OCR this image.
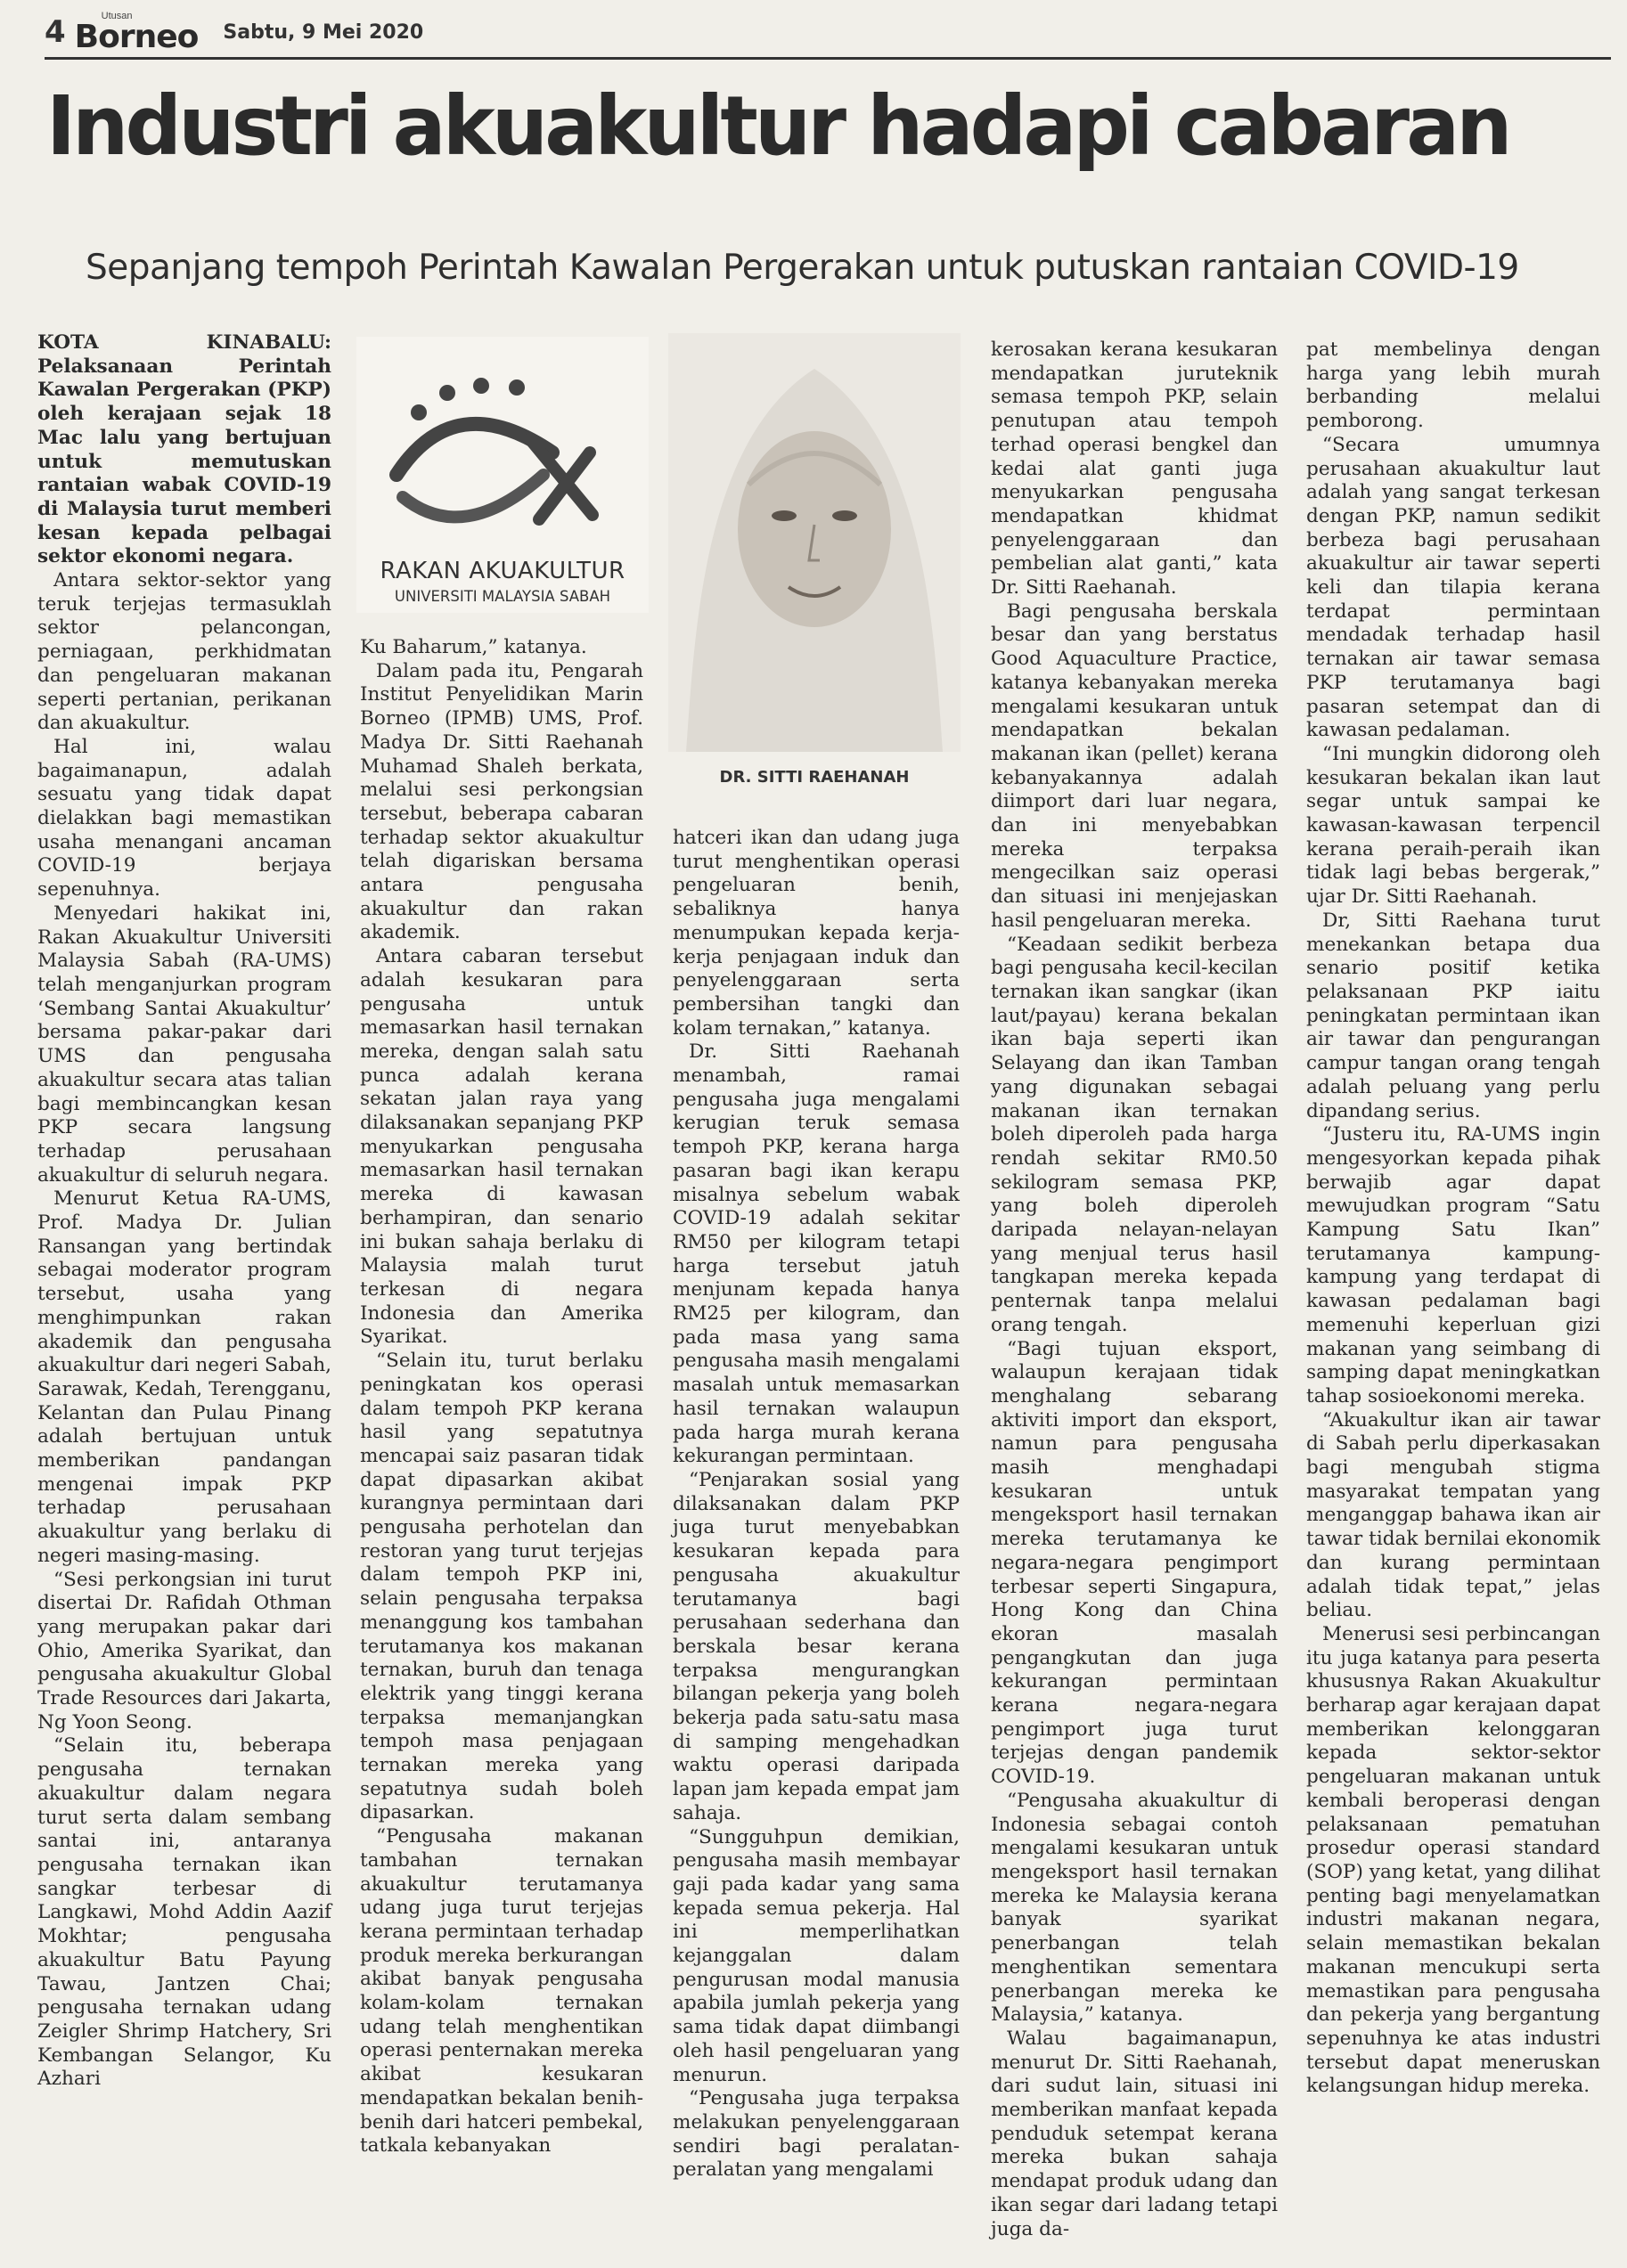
4	Utusan
Borneo Sabtu, 9 Mei 2020
Industri akuakultur hadapi cabaran
Sepanjang tempoh Perintah Kawalan Pergerakan untuk putuskan rantaian COVID-19

KOTA KINABALU: Pelaksanaan Perintah Kawalan Pergerakan (PKP) oleh kerajaan sejak 18 Mac lalu yang bertujuan untuk memutuskan rantaian wabak COVID-19 di Malaysia turut memberi kesan kepada pelbagai sektor ekonomi negara.

Antara sektor-sektor yang teruk terjejas termasuklah sektor pelancongan, perniagaan, perkhidmatan dan pengeluaran makanan seperti pertanian, perikanan dan akuakultur.

Hal ini, walau bagaimanapun, adalah sesuatu yang tidak dapat dielakkan bagi memastikan usaha menangani ancaman COVID-19 berjaya sepenuhnya.

Menyedari hakikat ini, Rakan Akuakultur Universiti Malaysia Sabah (RA-UMS) telah menganjurkan program ‘Sembang Santai Akuakultur’ bersama pakar-pakar dari UMS dan pengusaha akuakultur secara atas talian bagi membincangkan kesan PKP secara langsung terhadap perusahaan akuakultur di seluruh negara.

Menurut Ketua RA-UMS, Prof. Madya Dr. Julian Ransangan yang bertindak sebagai moderator program tersebut, usaha yang menghimpunkan rakan akademik dan pengusaha akuakultur dari negeri Sabah, Sarawak, Kedah, Terengganu, Kelantan dan Pulau Pinang adalah bertujuan untuk memberikan pandangan mengenai impak PKP terhadap perusahaan akuakultur yang berlaku di negeri masing-masing.

“Sesi perkongsian ini turut disertai Dr. Rafidah Othman yang merupakan pakar dari Ohio, Amerika Syarikat, dan pengusaha akuakultur Global Trade Resources dari Jakarta, Ng Yoon Seong.

“Selain itu, beberapa pengusaha ternakan akuakultur dalam negara turut serta dalam sembang santai ini, antaranya pengusaha ternakan ikan sangkar terbesar di Langkawi, Mohd Addin Aazif Mokhtar; pengusaha akuakultur Batu Payung Tawau, Jantzen Chai; pengusaha ternakan udang Zeigler Shrimp Hatchery, Sri Kembangan Selangor, Ku Azhari

RAKAN AKUAKULTUR
UNIVERSITI MALAYSIA SABAH

Ku Baharum,” katanya.

Dalam pada itu, Pengarah Institut Penyelidikan Marin Borneo (IPMB) UMS, Prof. Madya Dr. Sitti Raehanah Muhamad Shaleh berkata, melalui sesi perkongsian tersebut, beberapa cabaran terhadap sektor akuakultur telah digariskan bersama antara pengusaha akuakultur dan rakan akademik.

Antara cabaran tersebut adalah kesukaran para pengusaha untuk memasarkan hasil ternakan mereka, dengan salah satu punca adalah kerana sekatan jalan raya yang dilaksanakan sepanjang PKP menyukarkan pengusaha memasarkan hasil ternakan mereka di kawasan berhampiran, dan senario ini bukan sahaja berlaku di Malaysia malah turut terkesan di negara Indonesia dan Amerika Syarikat.

“Selain itu, turut berlaku peningkatan kos operasi dalam tempoh PKP kerana hasil yang sepatutnya mencapai saiz pasaran tidak dapat dipasarkan akibat kurangnya permintaan dari pengusaha perhotelan dan restoran yang turut terjejas dalam tempoh PKP ini, selain pengusaha terpaksa menanggung kos tambahan terutamanya kos makanan ternakan, buruh dan tenaga elektrik yang tinggi kerana terpaksa memanjangkan tempoh masa penjagaan ternakan mereka yang sepatutnya sudah boleh dipasarkan.

“Pengusaha makanan tambahan ternakan akuakultur terutamanya udang juga turut terjejas kerana permintaan terhadap produk mereka berkurangan akibat banyak pengusaha kolam-kolam ternakan udang telah menghentikan operasi penternakan mereka akibat kesukaran mendapatkan bekalan benih-benih dari hatceri pembekal, tatkala kebanyakan

DR. SITTI RAEHANAH

hatceri ikan dan udang juga turut menghentikan operasi pengeluaran benih, sebaliknya hanya menumpukan kepada kerja-kerja penjagaan induk dan penyelenggaraan serta pembersihan tangki dan kolam ternakan,” katanya.

Dr. Sitti Raehanah menambah, ramai pengusaha juga mengalami kerugian teruk semasa tempoh PKP, kerana harga pasaran bagi ikan kerapu misalnya sebelum wabak COVID-19 adalah sekitar RM50 per kilogram tetapi harga tersebut jatuh menjunam kepada hanya RM25 per kilogram, dan pada masa yang sama pengusaha masih mengalami masalah untuk memasarkan hasil ternakan walaupun pada harga murah kerana kekurangan permintaan.

“Penjarakan sosial yang dilaksanakan dalam PKP juga turut menyebabkan kesukaran kepada para pengusaha akuakultur terutamanya bagi perusahaan sederhana dan berskala besar kerana terpaksa mengurangkan bilangan pekerja yang boleh bekerja pada satu-satu masa di samping mengehadkan waktu operasi daripada lapan jam kepada empat jam sahaja.

“Sungguhpun demikian, pengusaha masih membayar gaji pada kadar yang sama kepada semua pekerja. Hal ini memperlihatkan kejanggalan dalam pengurusan modal manusia apabila jumlah pekerja yang sama tidak dapat diimbangi oleh hasil pengeluaran yang menurun.

“Pengusaha juga terpaksa melakukan penyelenggaraan sendiri bagi peralatan-peralatan yang mengalami

kerosakan kerana kesukaran mendapatkan juruteknik semasa tempoh PKP, selain penutupan atau tempoh terhad operasi bengkel dan kedai alat ganti juga menyukarkan pengusaha mendapatkan khidmat penyelenggaraan dan pembelian alat ganti,” kata Dr. Sitti Raehanah.

Bagi pengusaha berskala besar dan yang berstatus Good Aquaculture Practice, katanya kebanyakan mereka mengalami kesukaran untuk mendapatkan bekalan makanan ikan (pellet) kerana kebanyakannya adalah diimport dari luar negara, dan ini menyebabkan mereka terpaksa mengecilkan saiz operasi dan situasi ini menjejaskan hasil pengeluaran mereka.

“Keadaan sedikit berbeza bagi pengusaha kecil-kecilan ternakan ikan sangkar (ikan laut/payau) kerana bekalan ikan baja seperti ikan Selayang dan ikan Tamban yang digunakan sebagai makanan ikan ternakan boleh diperoleh pada harga rendah sekitar RM0.50 sekilogram semasa PKP, yang boleh diperoleh daripada nelayan-nelayan yang menjual terus hasil tangkapan mereka kepada penternak tanpa melalui orang tengah.

“Bagi tujuan eksport, walaupun kerajaan tidak menghalang sebarang aktiviti import dan eksport, namun para pengusaha masih menghadapi kesukaran untuk mengeksport hasil ternakan mereka terutamanya ke negara-negara pengimport terbesar seperti Singapura, Hong Kong dan China ekoran masalah pengangkutan dan juga kekurangan permintaan kerana negara-negara pengimport juga turut terjejas dengan pandemik COVID-19.

“Pengusaha akuakultur di Indonesia sebagai contoh mengalami kesukaran untuk mengeksport hasil ternakan mereka ke Malaysia kerana banyak syarikat penerbangan telah menghentikan sementara penerbangan mereka ke Malaysia,” katanya.

Walau bagaimanapun, menurut Dr. Sitti Raehanah, dari sudut lain, situasi ini memberikan manfaat kepada penduduk setempat kerana mereka bukan sahaja mendapat produk udang dan ikan segar dari ladang tetapi juga da-

pat membelinya dengan harga yang lebih murah berbanding melalui pemborong.

“Secara umumnya perusahaan akuakultur laut adalah yang sangat terkesan dengan PKP, namun sedikit berbeza bagi perusahaan akuakultur air tawar seperti keli dan tilapia kerana terdapat permintaan mendadak terhadap hasil ternakan air tawar semasa PKP terutamanya bagi pasaran setempat dan di kawasan pedalaman.

“Ini mungkin didorong oleh kesukaran bekalan ikan laut segar untuk sampai ke kawasan-kawasan terpencil kerana peraih-peraih ikan tidak lagi bebas bergerak,” ujar Dr. Sitti Raehanah.

Dr, Sitti Raehana turut menekankan betapa dua senario positif ketika pelaksanaan PKP iaitu peningkatan permintaan ikan air tawar dan pengurangan campur tangan orang tengah adalah peluang yang perlu dipandang serius.

“Justeru itu, RA-UMS ingin mengesyorkan kepada pihak berwajib agar dapat mewujudkan program “Satu Kampung Satu Ikan” terutamanya kampung-kampung yang terdapat di kawasan pedalaman bagi memenuhi keperluan gizi makanan yang seimbang di samping dapat meningkatkan tahap sosioekonomi mereka.

“Akuakultur ikan air tawar di Sabah perlu diperkasakan bagi mengubah stigma masyarakat tempatan yang menganggap bahawa ikan air tawar tidak bernilai ekonomik dan kurang permintaan adalah tidak tepat,” jelas beliau.

Menerusi sesi perbincangan itu juga katanya para peserta khususnya Rakan Akuakultur berharap agar kerajaan dapat memberikan kelonggaran kepada sektor-sektor pengeluaran makanan untuk kembali beroperasi dengan pelaksanaan pematuhan prosedur operasi standard (SOP) yang ketat, yang dilihat penting bagi menyelamatkan industri makanan negara, selain memastikan bekalan makanan mencukupi serta memastikan para pengusaha dan pekerja yang bergantung sepenuhnya ke atas industri tersebut dapat meneruskan kelangsungan hidup mereka.
